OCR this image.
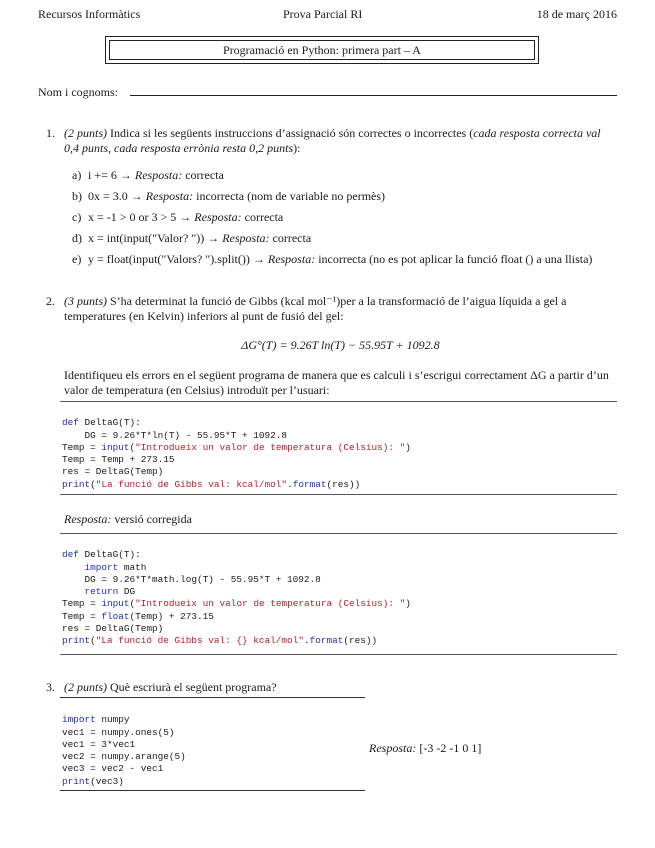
Recursos Informàtics	Prova Parcial RI	18 de març 2016
Programació en Python: primera part – A
Nom i cognoms:
1. (2 punts) Indica si les següents instruccions d’assignació són correctes o incorrectes (cada resposta correcta val 0,4 punts, cada resposta errònia resta 0,2 punts):
a) i += 6 → Resposta: correcta
b) 0x = 3.0 → Resposta: incorrecta (nom de variable no permès)
c) x = -1 > 0 or 3 > 5 → Resposta: correcta
d) x = int(input("Valor? ")) → Resposta: correcta
e) y = float(input("Valors? ").split()) → Resposta: incorrecta (no es pot aplicar la funció float () a una llista)
2. (3 punts) S’ha determinat la funció de Gibbs (kcal mol⁻¹)per a la transformació de l’aigua líquida a gel a temperatures (en Kelvin) inferiors al punt de fusió del gel:
ΔG°(T) = 9.26T ln(T) − 55.95T + 1092.8
Identifiqueu els errors en el següent programa de manera que es calculi i s’escrigui correctament ΔG a partir d’un valor de temperatura (en Celsius) introduït per l’usuari:

def DeltaG(T):
DG = 9.26*T*ln(T) - 55.95*T + 1092.8
Temp = input("Introdueix un valor de temperatura (Celsius): ")
Temp = Temp + 273.15
res = DeltaG(Temp)
print("La funció de Gibbs val: kcal/mol".format(res))

Resposta: versió corregida

def DeltaG(T):
import math
DG = 9.26*T*math.log(T) - 55.95*T + 1092.8
return DG
Temp = input("Introdueix un valor de temperatura (Celsius): ")
Temp = float(Temp) + 273.15
res = DeltaG(Temp)
print("La funció de Gibbs val: {} kcal/mol".format(res))

3. (2 punts) Què escriurà el següent programa?

import numpy
vec1 = numpy.ones(5)
vec1 = 3*vec1
vec2 = numpy.arange(5)
vec3 = vec2 - vec1
print(vec3)

Resposta: [-3 -2 -1 0 1]
